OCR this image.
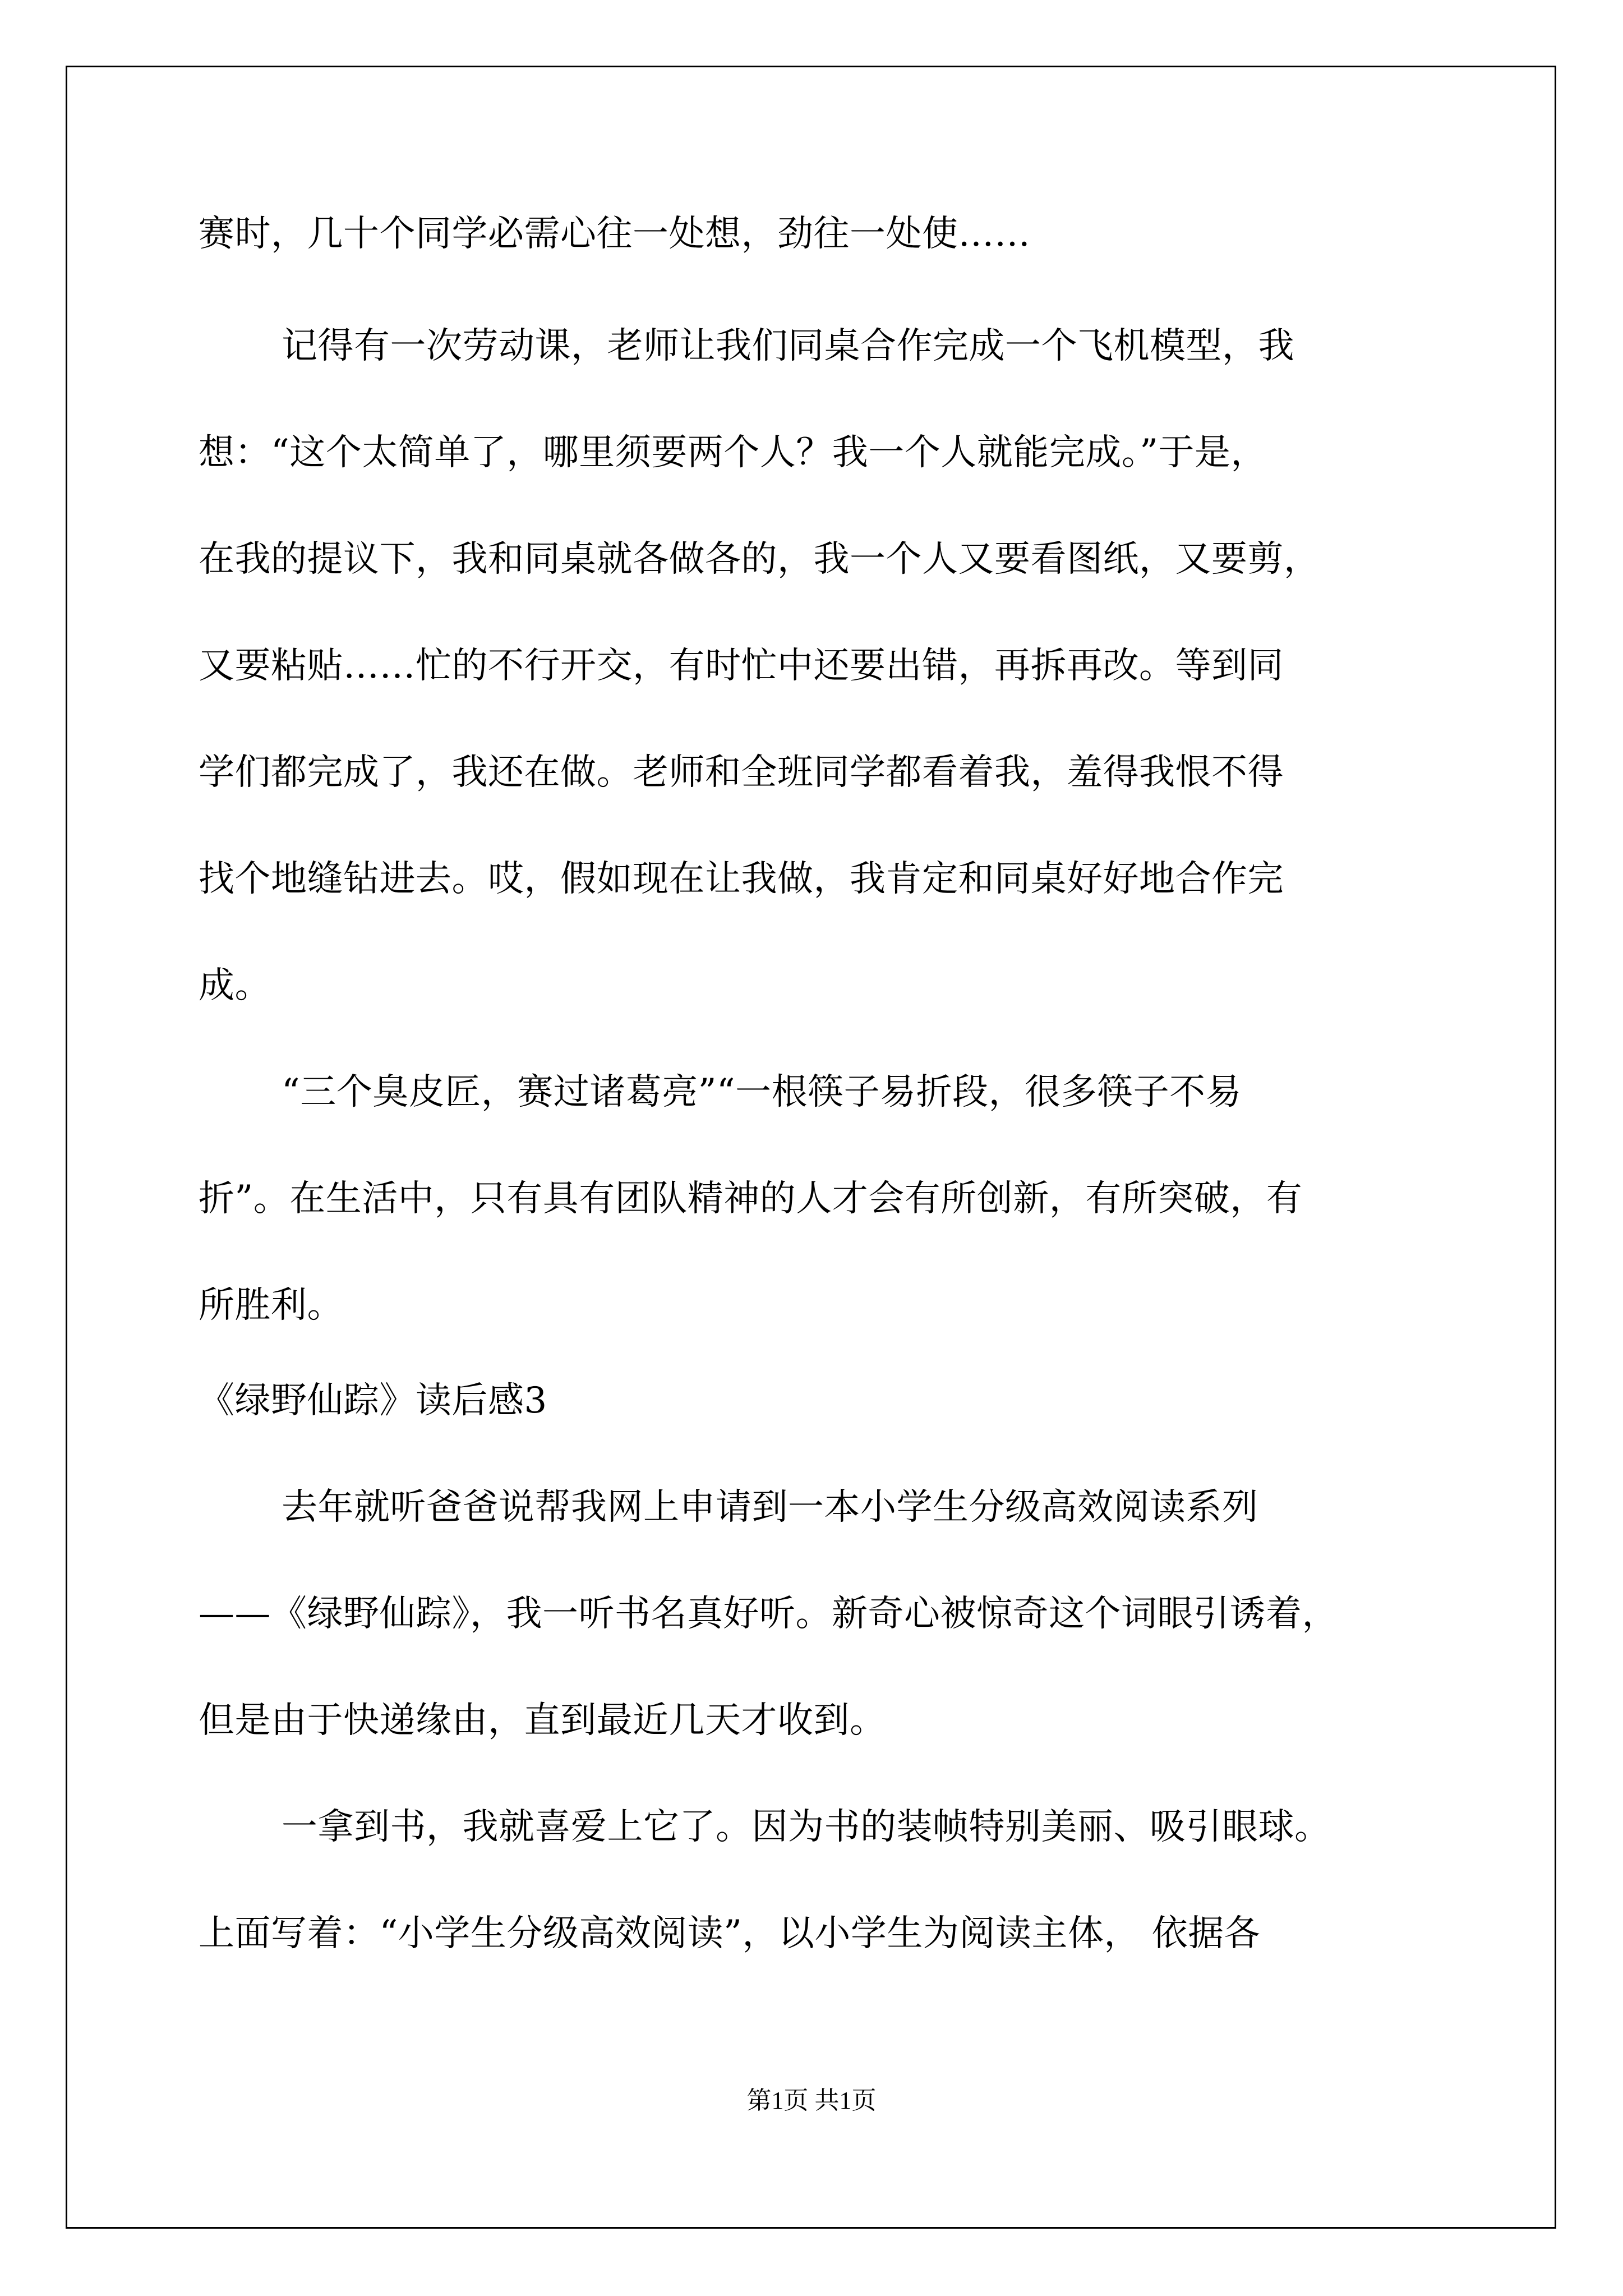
赛时，几十个同学必需心往一处想，劲往一处使……
记得有一次劳动课，老师让我们同桌合作完成一个飞机模型，我
想：“这个太简单了，哪里须要两个人？我一个人就能完成。”于是，
在我的提议下，我和同桌就各做各的，我一个人又要看图纸，又要剪，
又要粘贴……忙的不行开交，有时忙中还要出错，再拆再改。等到同
学们都完成了，我还在做。老师和全班同学都看着我，羞得我恨不得
找个地缝钻进去。哎，假如现在让我做，我肯定和同桌好好地合作完
成。
“三个臭皮匠，赛过诸葛亮”“一根筷子易折段，很多筷子不易
折”。在生活中，只有具有团队精神的人才会有所创新，有所突破，有
所胜利。
《绿野仙踪》读后感3
去年就听爸爸说帮我网上申请到一本小学生分级高效阅读系列
——《绿野仙踪》，我一听书名真好听。新奇心被惊奇这个词眼引诱着，
但是由于快递缘由，直到最近几天才收到。
一拿到书，我就喜爱上它了。因为书的装帧特别美丽、吸引眼球。
上面写着：“小学生分级高效阅读”，以小学生为阅读主体， 依据各
第1页 共1页
